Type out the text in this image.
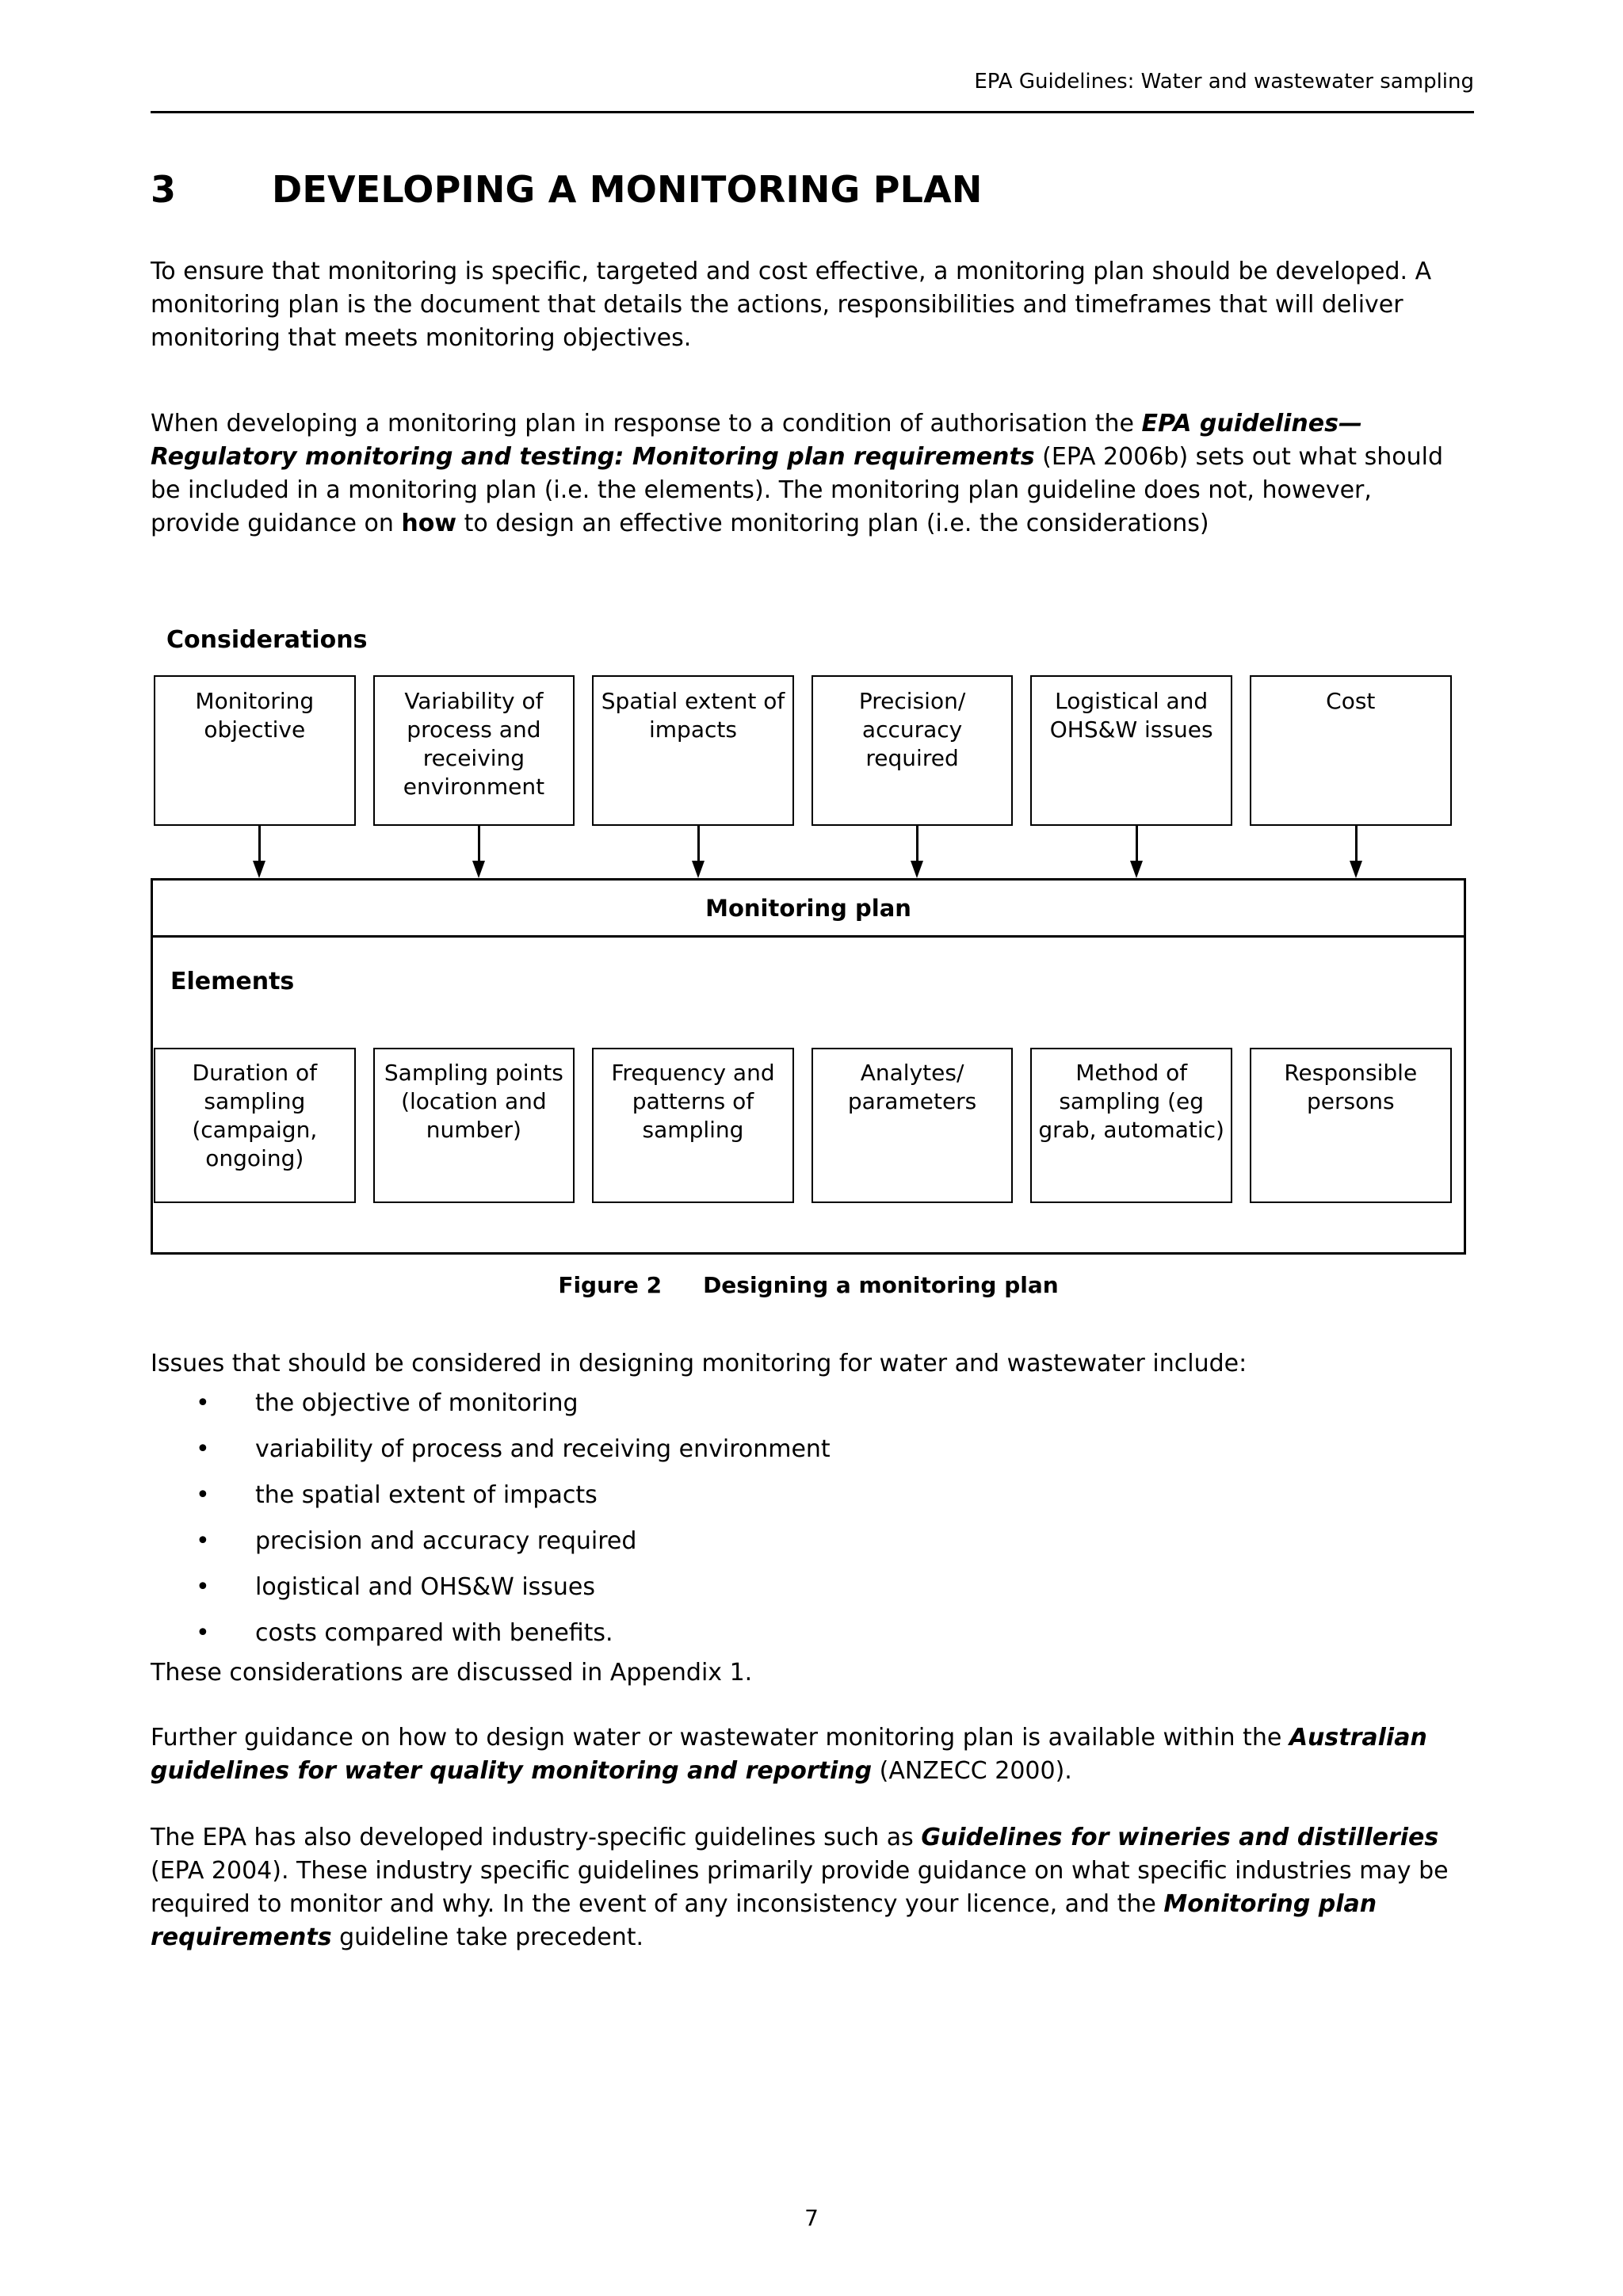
EPA Guidelines: Water and wastewater sampling
3	DEVELOPING A MONITORING PLAN
To ensure that monitoring is specific, targeted and cost effective, a monitoring plan should be developed. A monitoring plan is the document that details the actions, responsibilities and timeframes that will deliver monitoring that meets monitoring objectives.
When developing a monitoring plan in response to a condition of authorisation the EPA guidelines—Regulatory monitoring and testing: Monitoring plan requirements (EPA 2006b) sets out what should be included in a monitoring plan (i.e. the elements). The monitoring plan guideline does not, however, provide guidance on how to design an effective monitoring plan (i.e. the considerations)
Considerations
Monitoring objective
Variability of process and receiving environment
Spatial extent of impacts
Precision/ accuracy required
Logistical and OHS&W issues
Cost
Monitoring plan
Elements
Duration of sampling (campaign, ongoing)
Sampling points (location and number)
Frequency and patterns of sampling
Analytes/ parameters
Method of sampling (eg grab, automatic)
Responsible persons
Figure 2 Designing a monitoring plan
Issues that should be considered in designing monitoring for water and wastewater include:
• the objective of monitoring
• variability of process and receiving environment
• the spatial extent of impacts
• precision and accuracy required
• logistical and OHS&W issues
• costs compared with benefits.
These considerations are discussed in Appendix 1.
Further guidance on how to design water or wastewater monitoring plan is available within the Australian guidelines for water quality monitoring and reporting (ANZECC 2000).
The EPA has also developed industry-specific guidelines such as Guidelines for wineries and distilleries (EPA 2004). These industry specific guidelines primarily provide guidance on what specific industries may be required to monitor and why. In the event of any inconsistency your licence, and the Monitoring plan requirements guideline take precedent.
7
